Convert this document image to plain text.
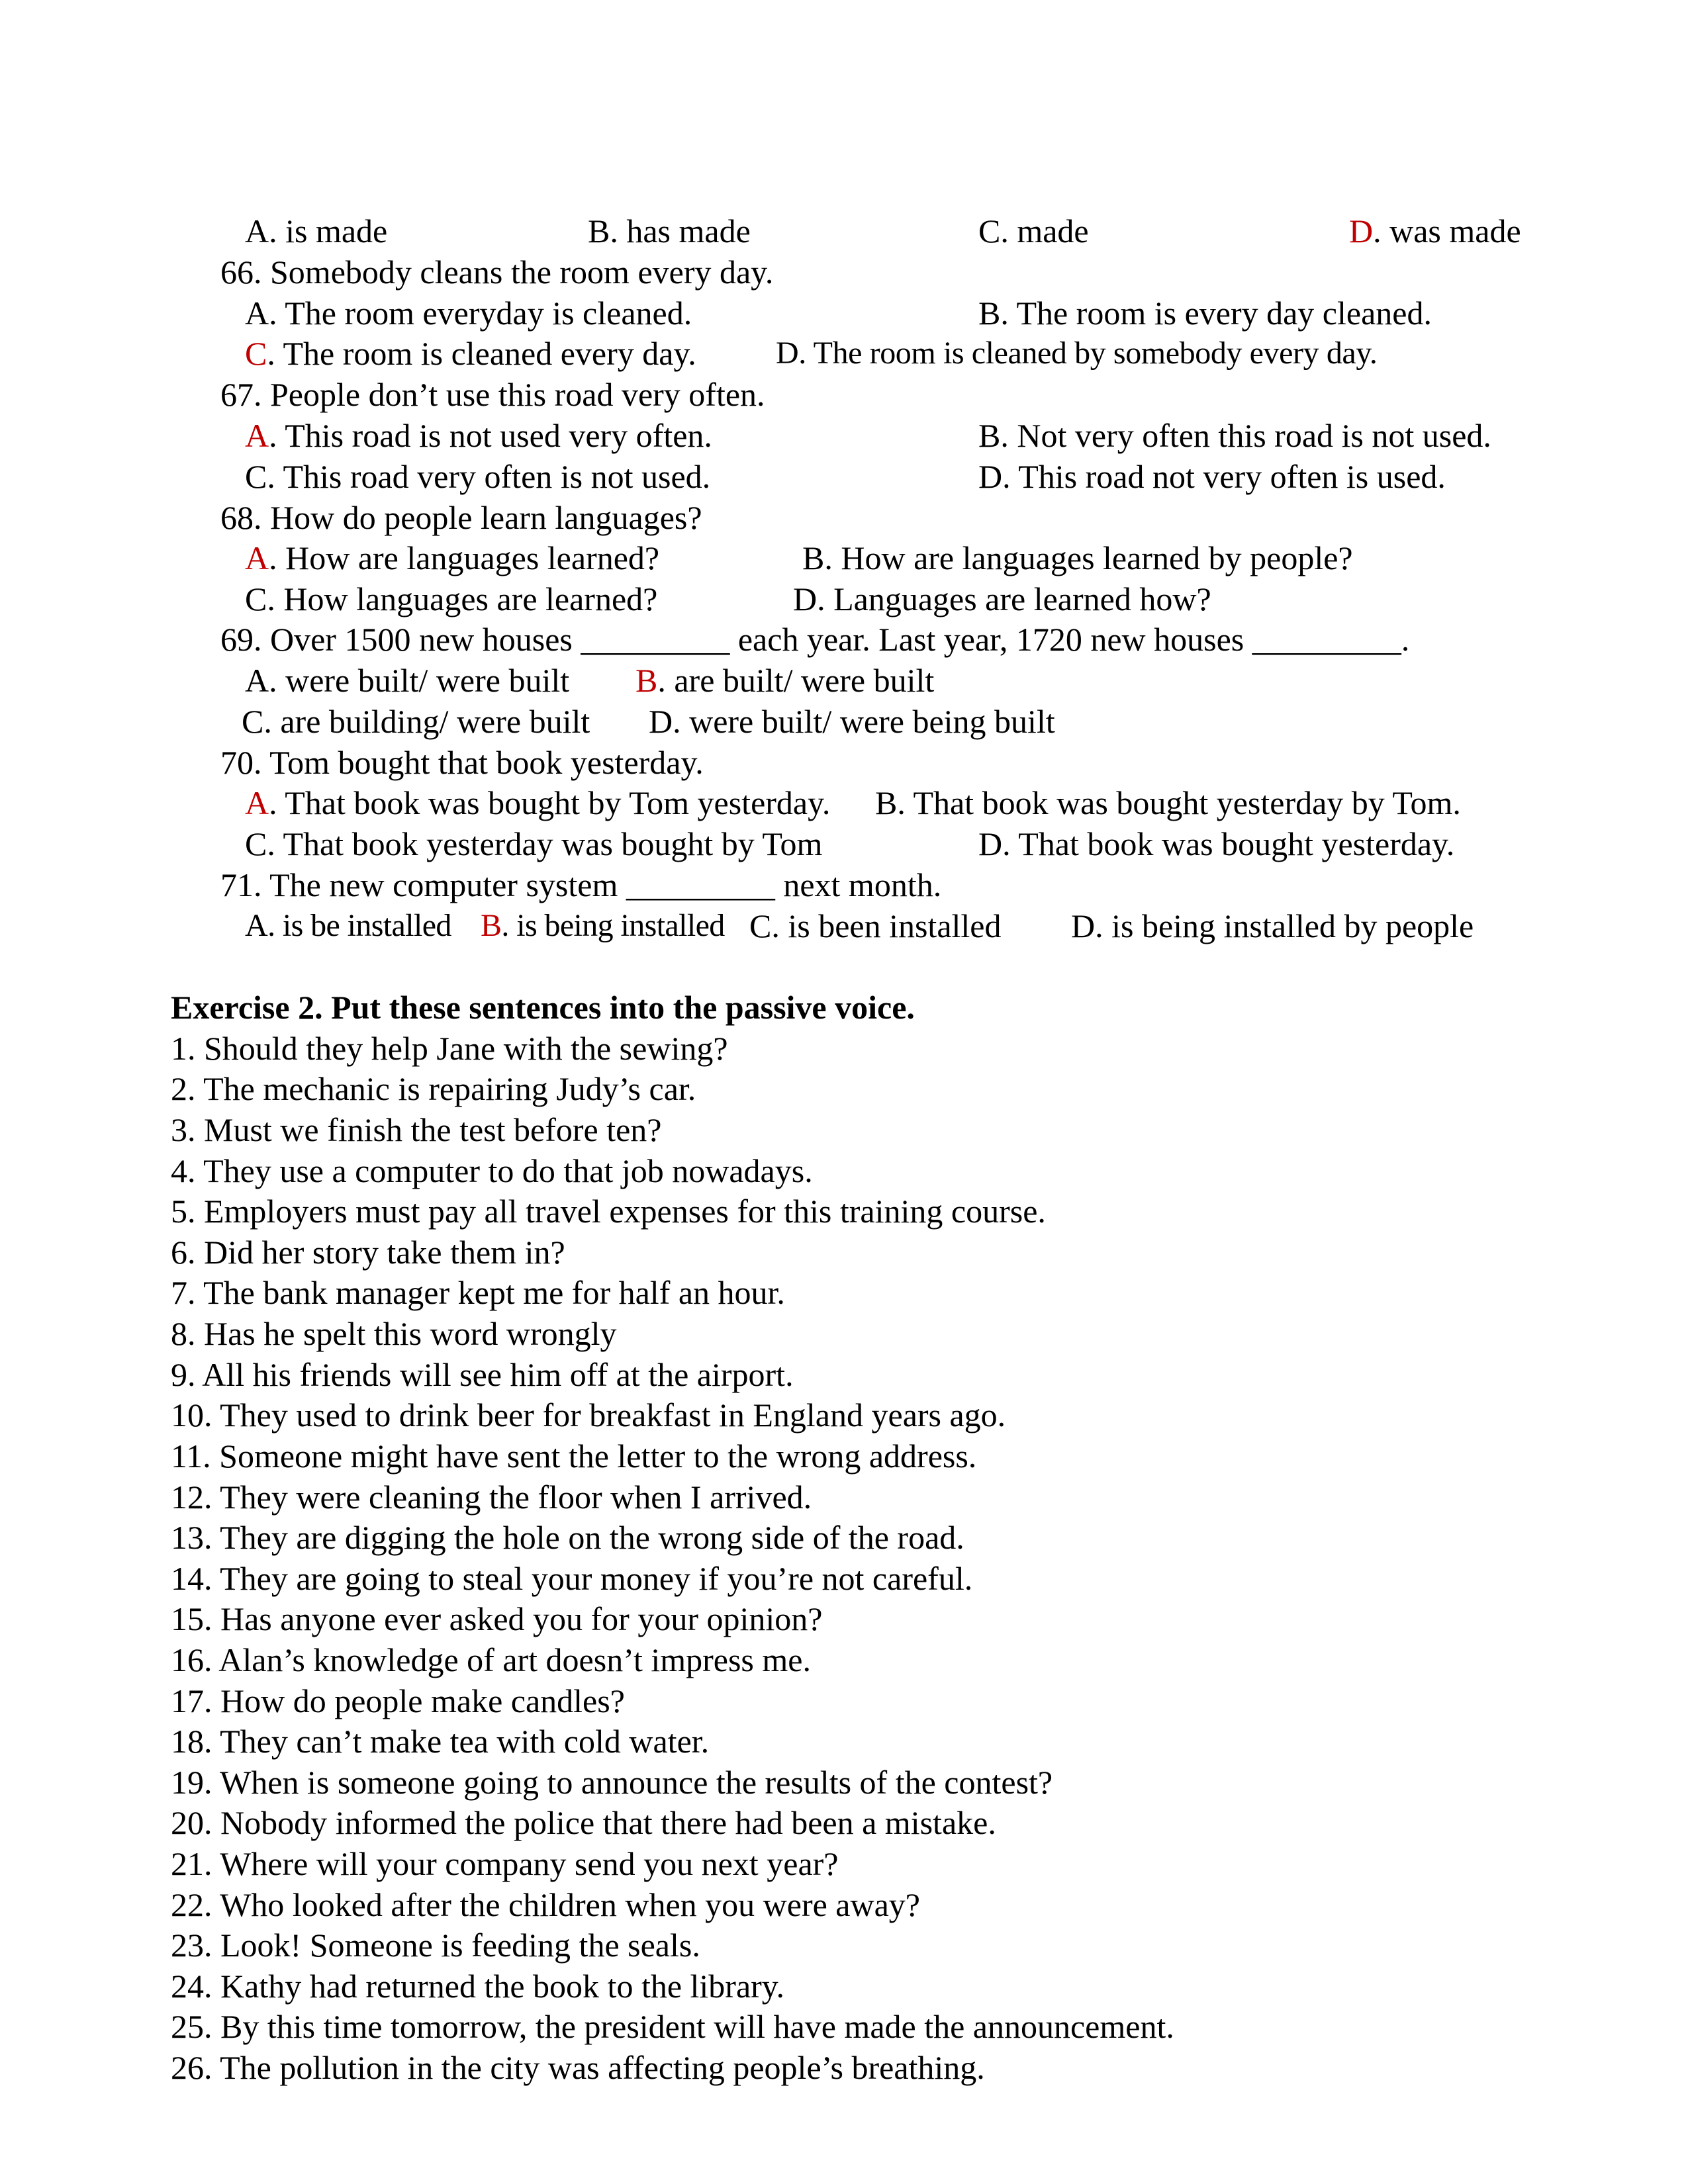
A. is made	B. has made	C. made	D. was made
66. Somebody cleans the room every day.
A. The room everyday is cleaned.	B. The room is every day cleaned.
C. The room is cleaned every day.	D. The room is cleaned by somebody every day.
67. People don’t use this road very often.
A. This road is not used very often.	B. Not very often this road is not used.
C. This road very often is not used.	D. This road not very often is used.
68. How do people learn languages?
A. How are languages learned?	B. How are languages learned by people?
C. How languages are learned?	D. Languages are learned how?
69. Over 1500 new houses _________ each year. Last year, 1720 new houses _________.
A. were built/ were built B. are built/ were built
C. are building/ were built D. were built/ were being built
70. Tom bought that book yesterday.
A. That book was bought by Tom yesterday. B. That book was bought yesterday by Tom.
C. That book yesterday was bought by Tom	D. That book was bought yesterday.
71. The new computer system _________ next month.
A. is be installed B. is being installed C. is been installed D. is being installed by people
Exercise 2. Put these sentences into the passive voice.
1. Should they help Jane with the sewing?
2. The mechanic is repairing Judy’s car.
3. Must we finish the test before ten?
4. They use a computer to do that job nowadays.
5. Employers must pay all travel expenses for this training course.
6. Did her story take them in?
7. The bank manager kept me for half an hour.
8. Has he spelt this word wrongly
9. All his friends will see him off at the airport.
10. They used to drink beer for breakfast in England years ago.
11. Someone might have sent the letter to the wrong address.
12. They were cleaning the floor when I arrived.
13. They are digging the hole on the wrong side of the road.
14. They are going to steal your money if you’re not careful.
15. Has anyone ever asked you for your opinion?
16. Alan’s knowledge of art doesn’t impress me.
17. How do people make candles?
18. They can’t make tea with cold water.
19. When is someone going to announce the results of the contest?
20. Nobody informed the police that there had been a mistake.
21. Where will your company send you next year?
22. Who looked after the children when you were away?
23. Look! Someone is feeding the seals.
24. Kathy had returned the book to the library.
25. By this time tomorrow, the president will have made the announcement.
26. The pollution in the city was affecting people’s breathing.
